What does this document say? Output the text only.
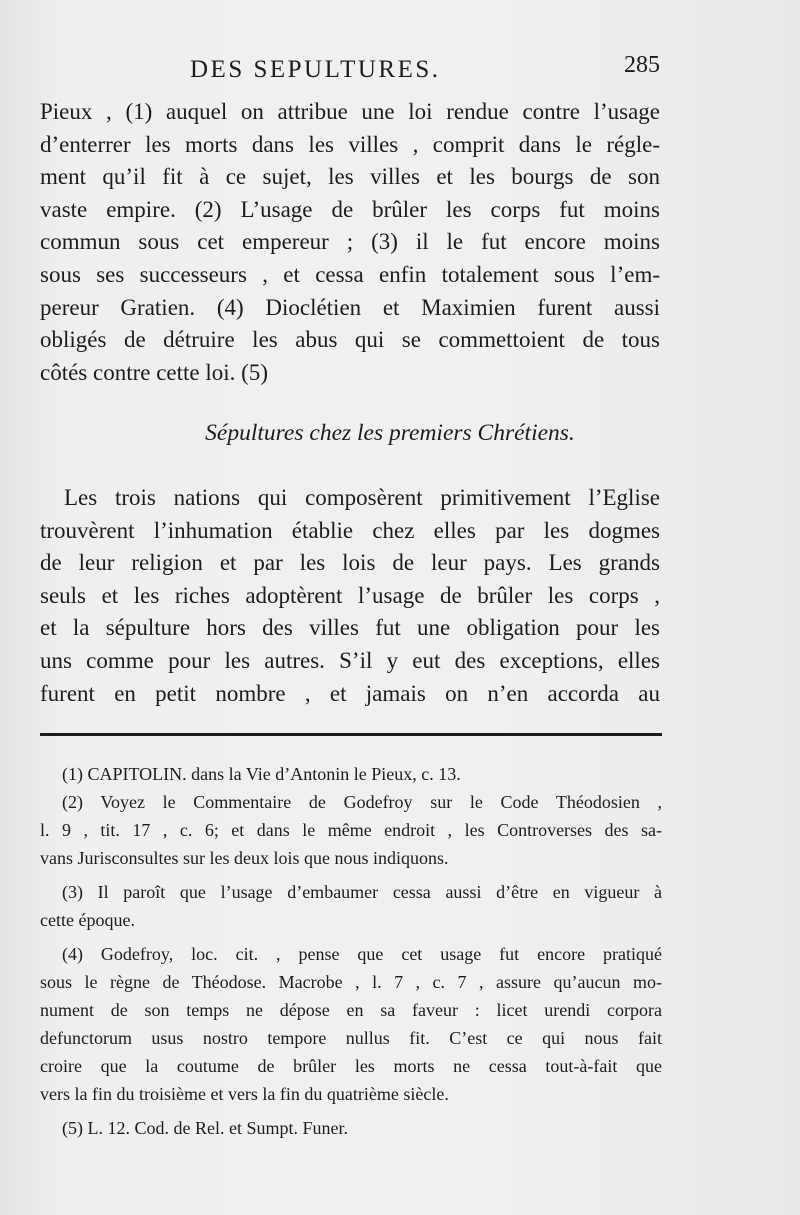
DES SEPULTURES.	285
Pieux , (1) auquel on attribue une loi rendue contre l’usage
d’enterrer les morts dans les villes , comprit dans le régle-
ment qu’il fit à ce sujet, les villes et les bourgs de son
vaste empire. (2) L’usage de brûler les corps fut moins
commun sous cet empereur ; (3) il le fut encore moins
sous ses successeurs , et cessa enfin totalement sous l’em-
pereur Gratien. (4) Dioclétien et Maximien furent aussi
obligés de détruire les abus qui se commettoient de tous
côtés contre cette loi. (5)
Sépultures chez les premiers Chrétiens.
Les trois nations qui composèrent primitivement l’Eglise
trouvèrent l’inhumation établie chez elles par les dogmes
de leur religion et par les lois de leur pays. Les grands
seuls et les riches adoptèrent l’usage de brûler les corps ,
et la sépulture hors des villes fut une obligation pour les
uns comme pour les autres. S’il y eut des exceptions, elles
furent en petit nombre , et jamais on n’en accorda au
(1) CAPITOLIN. dans la Vie d’Antonin le Pieux, c. 13.
(2) Voyez le Commentaire de Godefroy sur le Code Théodosien ,
l. 9 , tit. 17 , c. 6; et dans le même endroit , les Controverses des sa-
vans Jurisconsultes sur les deux lois que nous indiquons.
(3) Il paroît que l’usage d’embaumer cessa aussi d’être en vigueur à
cette époque.
(4) Godefroy, loc. cit. , pense que cet usage fut encore pratiqué
sous le règne de Théodose. Macrobe , l. 7 , c. 7 , assure qu’aucun mo-
nument de son temps ne dépose en sa faveur : licet urendi corpora
defunctorum usus nostro tempore nullus fit. C’est ce qui nous fait
croire que la coutume de brûler les morts ne cessa tout-à-fait que
vers la fin du troisième et vers la fin du quatrième siècle.
(5) L. 12. Cod. de Rel. et Sumpt. Funer.
